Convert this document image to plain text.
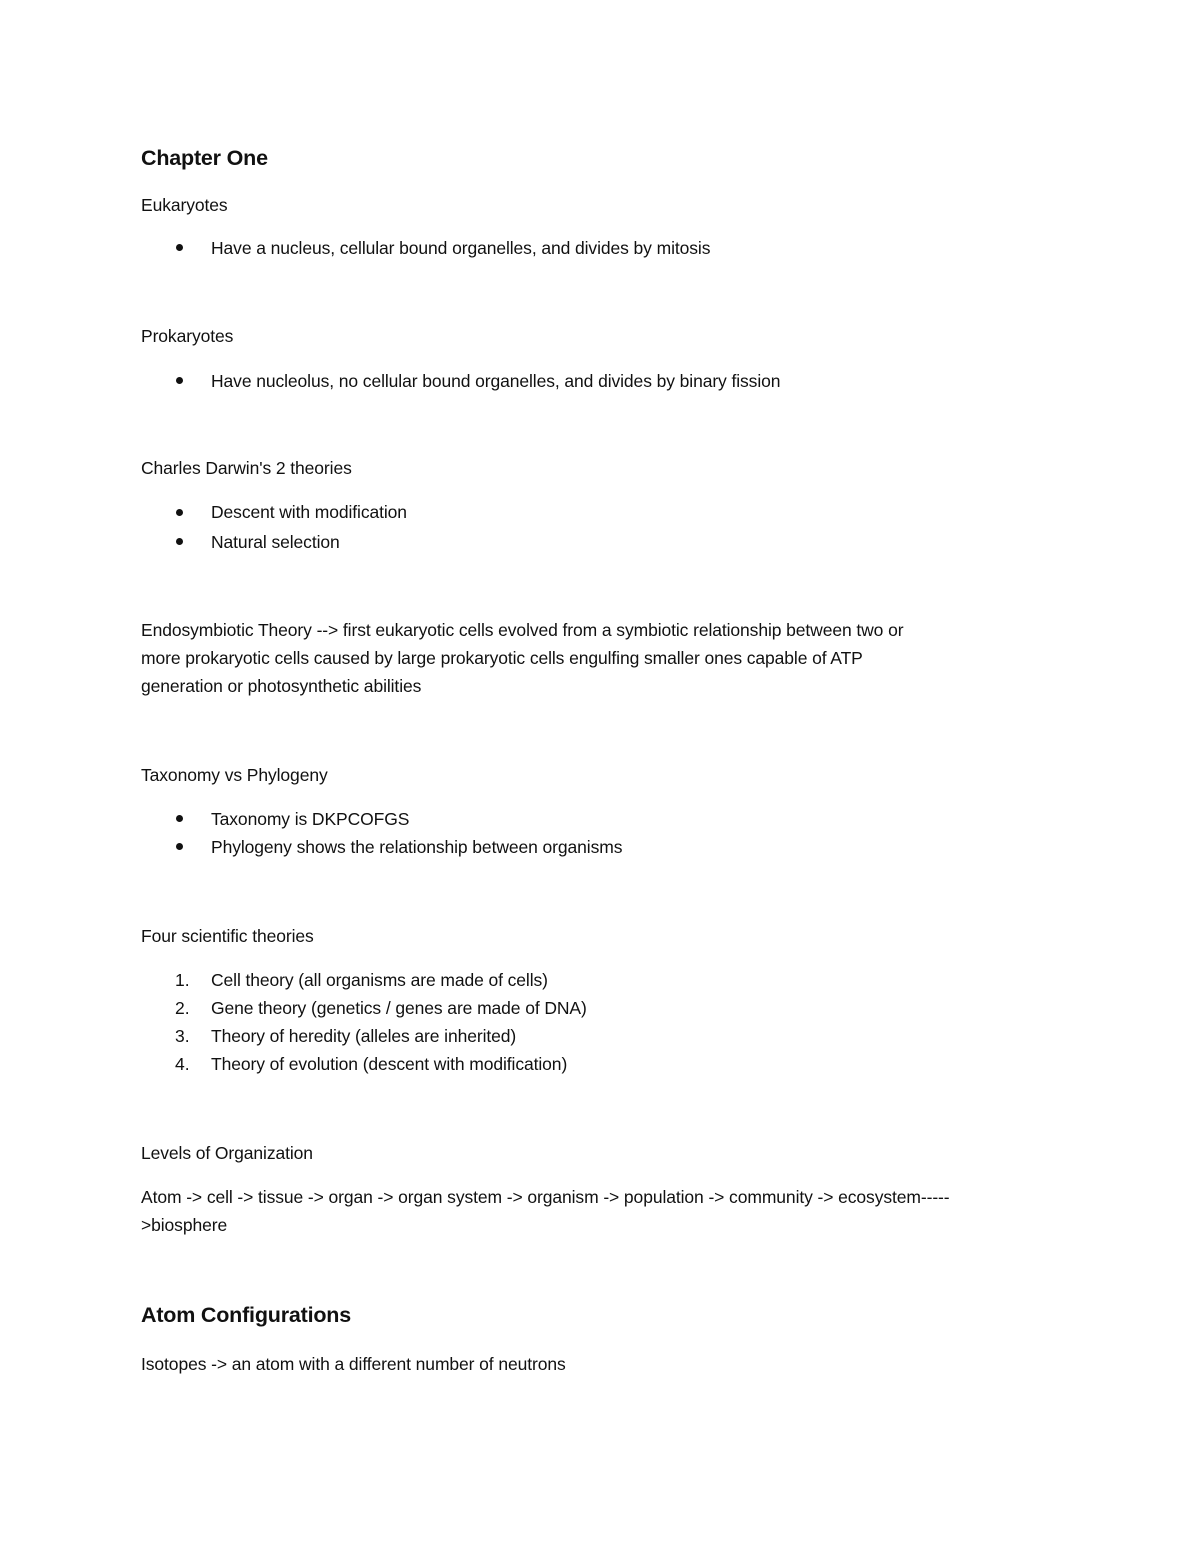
Chapter One
Eukaryotes
Have a nucleus, cellular bound organelles, and divides by mitosis
Prokaryotes
Have nucleolus, no cellular bound organelles, and divides by binary fission
Charles Darwin's 2 theories
Descent with modification
Natural selection
Endosymbiotic Theory --> first eukaryotic cells evolved from a symbiotic relationship between two or
more prokaryotic cells caused by large prokaryotic cells engulfing smaller ones capable of ATP
generation or photosynthetic abilities
Taxonomy vs Phylogeny
Taxonomy is DKPCOFGS
Phylogeny shows the relationship between organisms
Four scientific theories
1. Cell theory (all organisms are made of cells)
2. Gene theory (genetics / genes are made of DNA)
3. Theory of heredity (alleles are inherited)
4. Theory of evolution (descent with modification)
Levels of Organization
Atom -> cell -> tissue -> organ -> organ system -> organism -> population -> community -> ecosystem-----
>biosphere
Atom Configurations
Isotopes -> an atom with a different number of neutrons
